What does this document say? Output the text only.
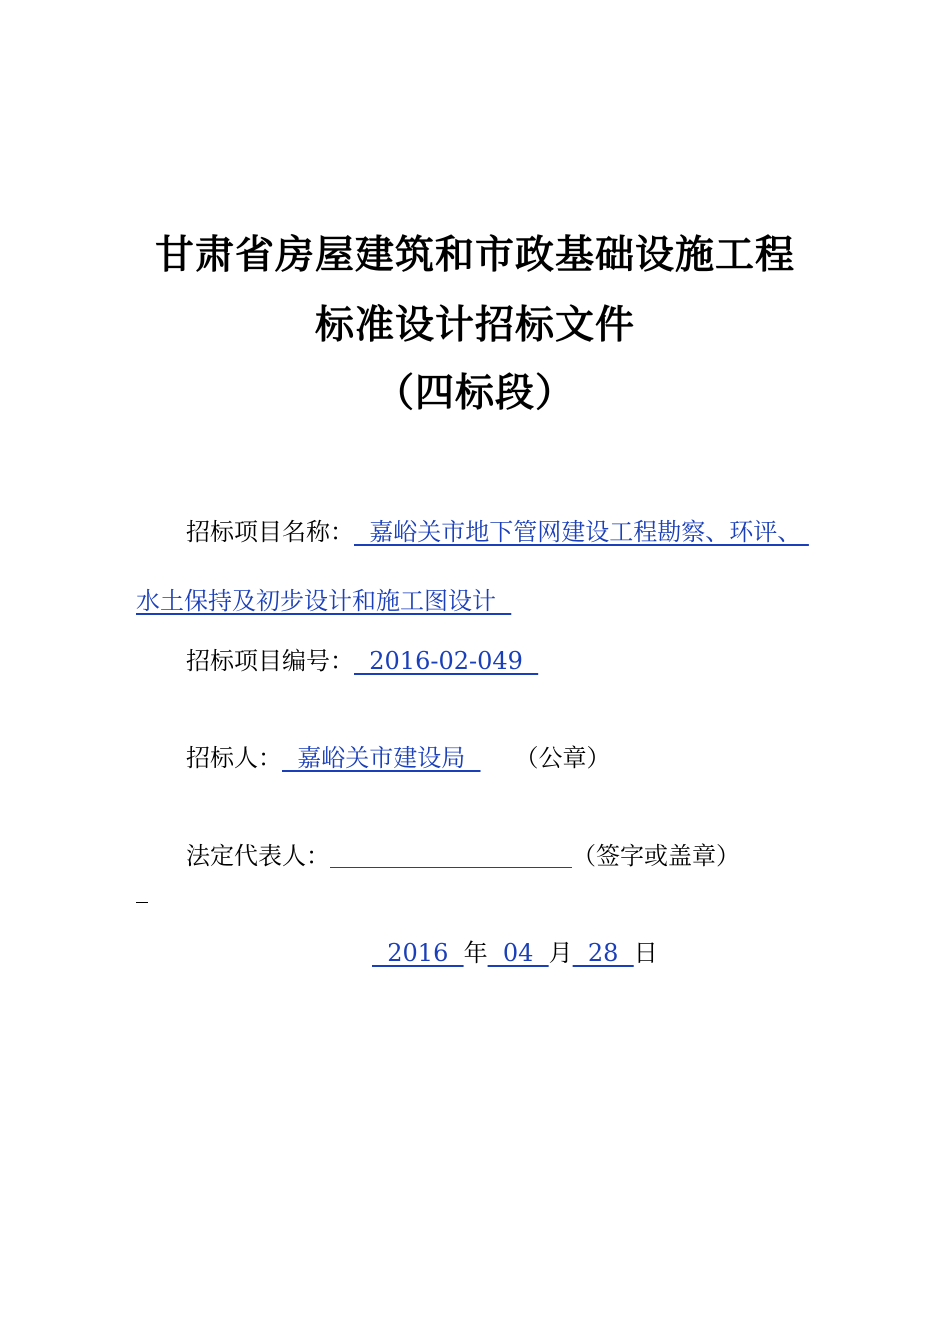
甘肃省房屋建筑和市政基础设施工程
标准设计招标文件
（四标段）
招标项目名称：  嘉峪关市地下管网建设工程勘察、环评、
水土保持及初步设计和施工图设计
招标项目编号：  2016-02-049
招标人：  嘉峪关市建设局  （公章）
法定代表人：	（签字或盖章）
2016  年  04  月  28  日
